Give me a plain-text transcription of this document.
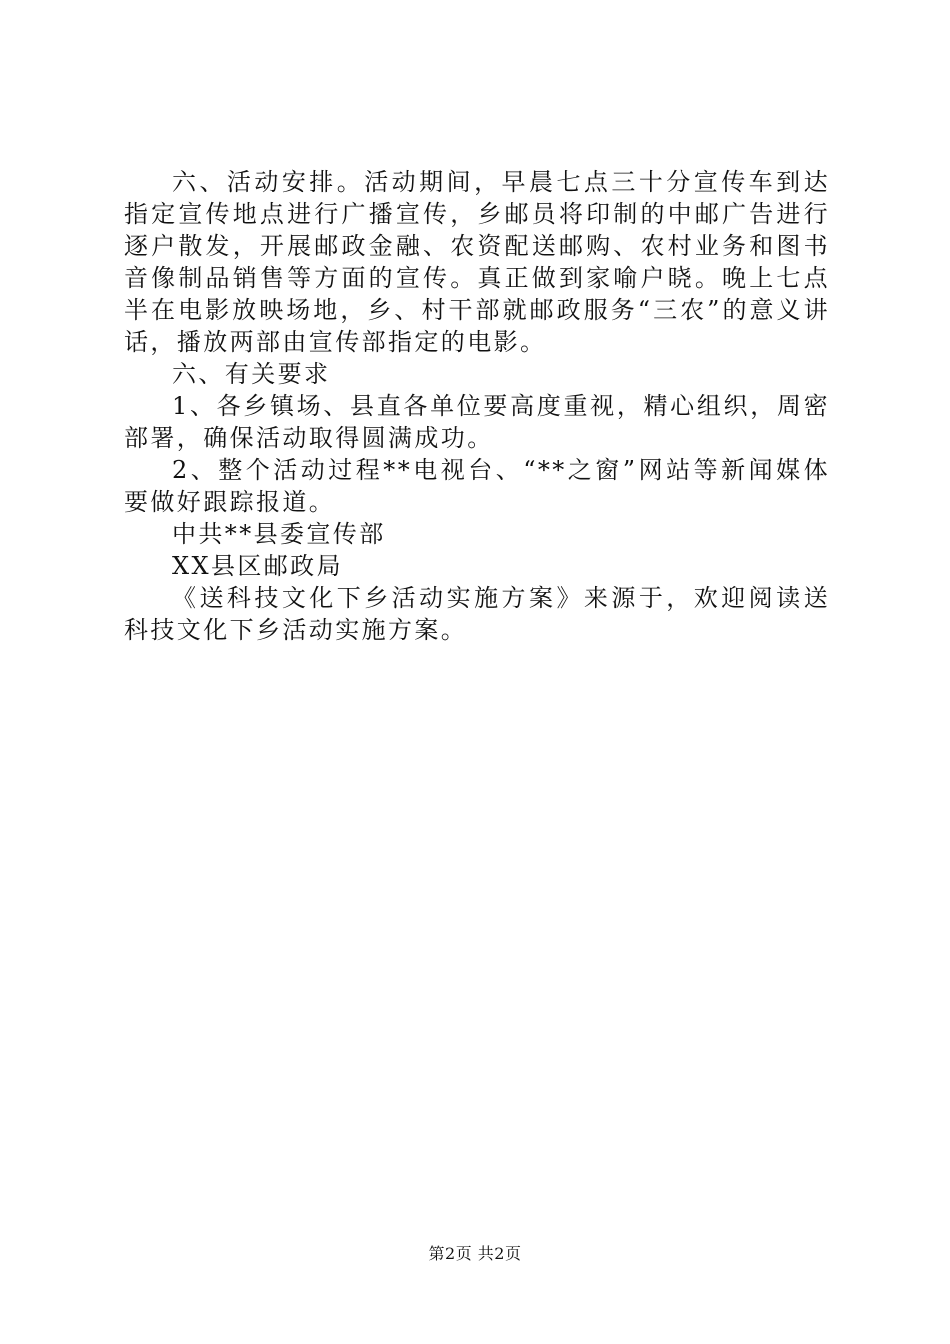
六、活动安排。活动期间，早晨七点三十分宣传车到达指定宣传地点进行广播宣传，乡邮员将印制的中邮广告进行逐户散发，开展邮政金融、农资配送邮购、农村业务和图书音像制品销售等方面的宣传。真正做到家喻户晓。晚上七点半在电影放映场地，乡、村干部就邮政服务“三农”的意义讲话，播放两部由宣传部指定的电影。

六、有关要求

1、各乡镇场、县直各单位要高度重视，精心组织，周密部署，确保活动取得圆满成功。

2、整个活动过程**电视台、“**之窗”网站等新闻媒体要做好跟踪报道。

中共**县委宣传部

XX县区邮政局

《送科技文化下乡活动实施方案》来源于，欢迎阅读送科技文化下乡活动实施方案。

第2页 共2页
